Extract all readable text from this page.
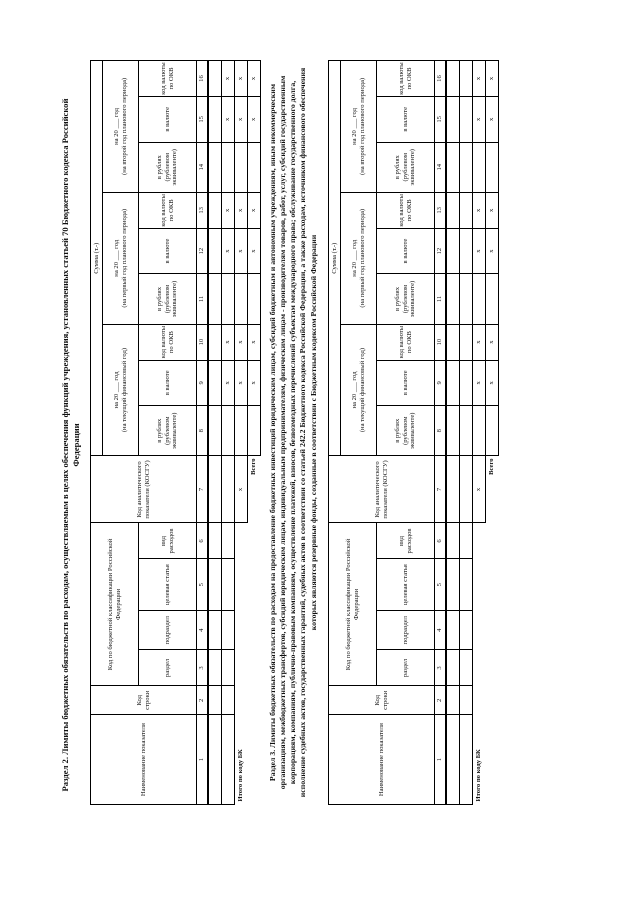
Раздел 2. Лимиты бюджетных обязательств по расходам, осуществляемым в целях обеспечения функций учреждения, установленных статьей 70 Бюджетного кодекса Российской Федерации
Наименование показателя	Код строки	Код по бюджетной классификации Российской Федерации				Код аналитического показателя (КОСГУ)	Сумма (т.-)								
							на 20 ___ год
(на текущий финансовый год)			на 20 ___ год
(на первый год планового периода)			на 20 ___ год
(на второй год планового периода)		
		раздел	подраздел	целевая статья	вид расходов		в рублях (рублевом эквиваленте)	в валюте	код валюты по ОКВ	в рублях (рублевом эквиваленте)	в валюте	код валюты по ОКВ	в рублях (рублевом эквиваленте)	в валюте	код валюты по ОКВ

1	2	3	4	5	6	7	8	9	10	11	12	13	14	15	16

								x	x		x	x		x	x
Итого по коду БК						x		x	x		x	x		x	x
Всего								x	x		x	x		x	x
Раздел 3. Лимиты бюджетных обязательств по расходам на предоставление бюджетных инвестиций юридическим лицам, субсидий бюджетным и автономным учреждениям, иным некоммерческим организациям, межбюджетных трансфертов, субсидий юридическим лицам, индивидуальным предпринимателям, физическим лицам - производителям товаров, работ, услуг, субсидий государственным корпорациям, компаниям, публично-правовым компаниям, осуществление платежей, взносов, безвозмездных перечислений субъектам международного права; обслуживание государственного долга, исполнение судебных актов, государственных гарантий, судебных актов в соответствии со статьей 242.2 Бюджетного кодекса Российской Федерации, а также расходам, источником финансового обеспечения которых являются резервные фонды, созданные в соответствии с Бюджетным кодексом Российской Федерации
Наименование показателя	Код строки	Код по бюджетной классификации Российской Федерации				Код аналитического показателя (КОСГУ)	Сумма (т.-)								
							на 20 ___ год
(на текущий финансовый год)			на 20 ___ год
(на первый год планового периода)			на 20 ___ год
(на второй год планового периода)		
		раздел	подраздел	целевая статья	вид расходов		в рублях (рублевом эквиваленте)	в валюте	код валюты по ОКВ	в рублях (рублевом эквиваленте)	в валюте	код валюты по ОКВ	в рублях (рублевом эквиваленте)	в валюте	код валюты по ОКВ

1	2	3	4	5	6	7	8	9	10	11	12	13	14	15	16

Итого по коду БК						x		x	x		x	x		x	x
Всего								x	x		x	x		x	x
